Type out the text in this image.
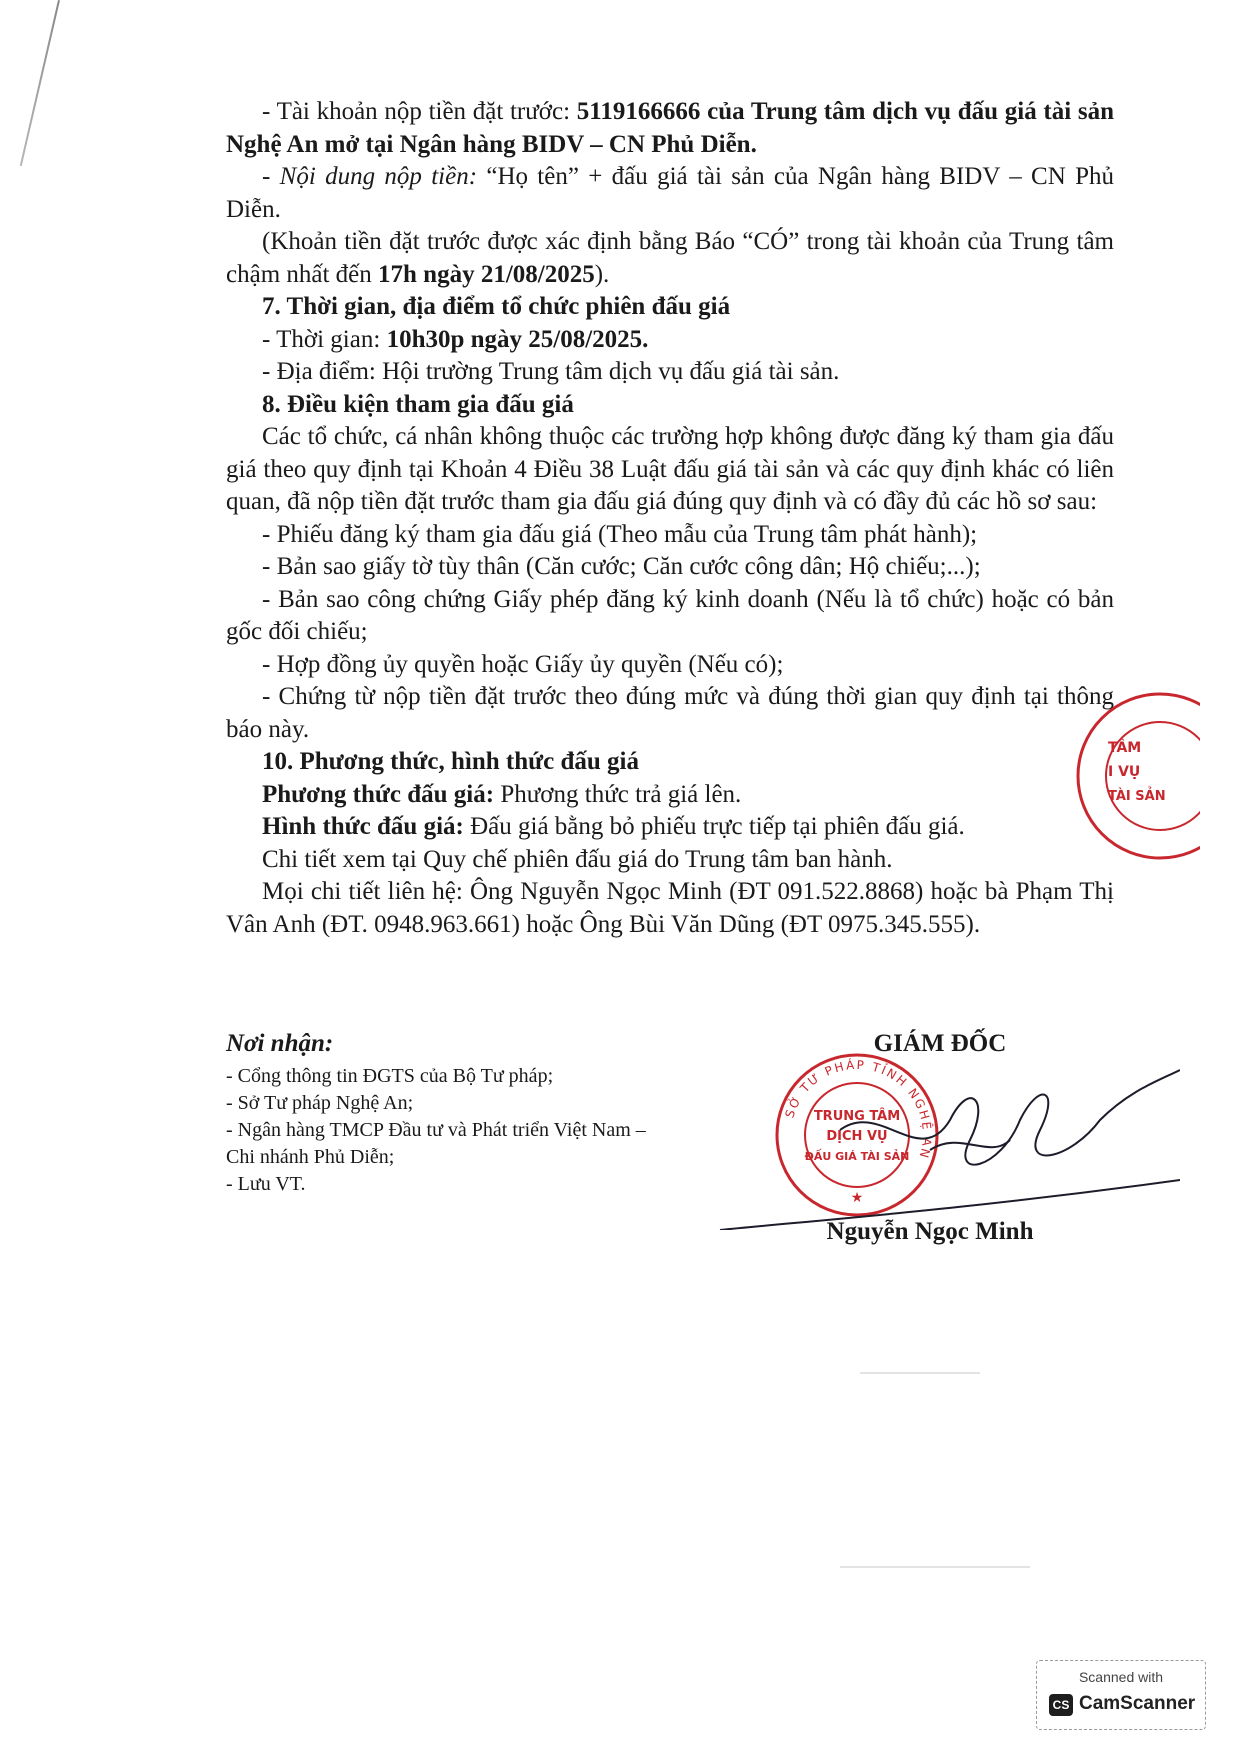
- Tài khoản nộp tiền đặt trước: 5119166666 của Trung tâm dịch vụ đấu giá tài sản Nghệ An mở tại Ngân hàng BIDV – CN Phủ Diễn.

- Nội dung nộp tiền: “Họ tên” + đấu giá tài sản của Ngân hàng BIDV – CN Phủ Diễn.

(Khoản tiền đặt trước được xác định bằng Báo “CÓ” trong tài khoản của Trung tâm chậm nhất đến 17h ngày 21/08/2025).

7. Thời gian, địa điểm tổ chức phiên đấu giá

- Thời gian: 10h30p ngày 25/08/2025.

- Địa điểm: Hội trường Trung tâm dịch vụ đấu giá tài sản.

8. Điều kiện tham gia đấu giá

Các tổ chức, cá nhân không thuộc các trường hợp không được đăng ký tham gia đấu giá theo quy định tại Khoản 4 Điều 38 Luật đấu giá tài sản và các quy định khác có liên quan, đã nộp tiền đặt trước tham gia đấu giá đúng quy định và có đầy đủ các hồ sơ sau:

- Phiếu đăng ký tham gia đấu giá (Theo mẫu của Trung tâm phát hành);

- Bản sao giấy tờ tùy thân (Căn cước; Căn cước công dân; Hộ chiếu;...);

- Bản sao công chứng Giấy phép đăng ký kinh doanh (Nếu là tổ chức) hoặc có bản gốc đối chiếu;

- Hợp đồng ủy quyền hoặc Giấy ủy quyền (Nếu có);

- Chứng từ nộp tiền đặt trước theo đúng mức và đúng thời gian quy định tại thông báo này.

10. Phương thức, hình thức đấu giá

Phương thức đấu giá: Phương thức trả giá lên.

Hình thức đấu giá: Đấu giá bằng bỏ phiếu trực tiếp tại phiên đấu giá.

Chi tiết xem tại Quy chế phiên đấu giá do Trung tâm ban hành.

Mọi chi tiết liên hệ: Ông Nguyễn Ngọc Minh (ĐT 091.522.8868) hoặc bà Phạm Thị Vân Anh (ĐT. 0948.963.661) hoặc Ông Bùi Văn Dũng (ĐT 0975.345.555).

Nơi nhận:

- Cổng thông tin ĐGTS của Bộ Tư pháp;

- Sở Tư pháp Nghệ An;

- Ngân hàng TMCP Đầu tư và Phát triển Việt Nam – Chi nhánh Phủ Diễn;

- Lưu VT.

GIÁM ĐỐC
SỞ TƯ PHÁP TỈNH NGHỆ AN
TRUNG TÂM
DỊCH VỤ
ĐẤU GIÁ TÀI SẢN
★
Nguyễn Ngọc Minh
TÂM
I VỤ
TÀI SẢN
Scanned with
CS CamScanner
